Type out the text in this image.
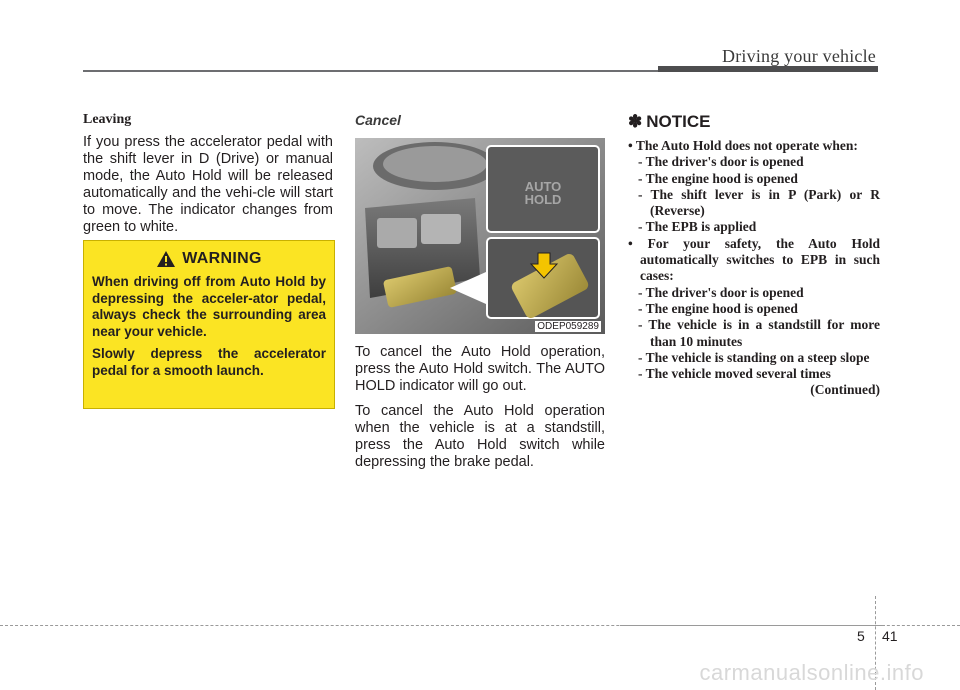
Driving your vehicle

Leaving

If you press the accelerator pedal with the shift lever in D (Drive) or manual mode, the Auto Hold will be released automatically and the vehi-cle will start to move. The indicator changes from green to white.

WARNING

When driving off from Auto Hold by depressing the acceler-ator pedal, always check the surrounding area near your vehicle.

Slowly depress the accelerator pedal for a smooth launch.

Cancel

AUTO
HOLD
ODEP059289

To cancel the Auto Hold operation, press the Auto Hold switch. The AUTO HOLD indicator will go out.

To cancel the Auto Hold operation when the vehicle is at a standstill, press the Auto Hold switch while depressing the brake pedal.

✽ NOTICE
• The Auto Hold does not operate when:
- The driver's door is opened
- The engine hood is opened
- The shift lever is in P (Park) or R (Reverse)
- The EPB is applied
• For your safety, the Auto Hold automatically switches to EPB in such cases:
- The driver's door is opened
- The engine hood is opened
- The vehicle is in a standstill for more than 10 minutes
- The vehicle is standing on a steep slope
- The vehicle moved several times
(Continued)
5 41
carmanualsonline.info
